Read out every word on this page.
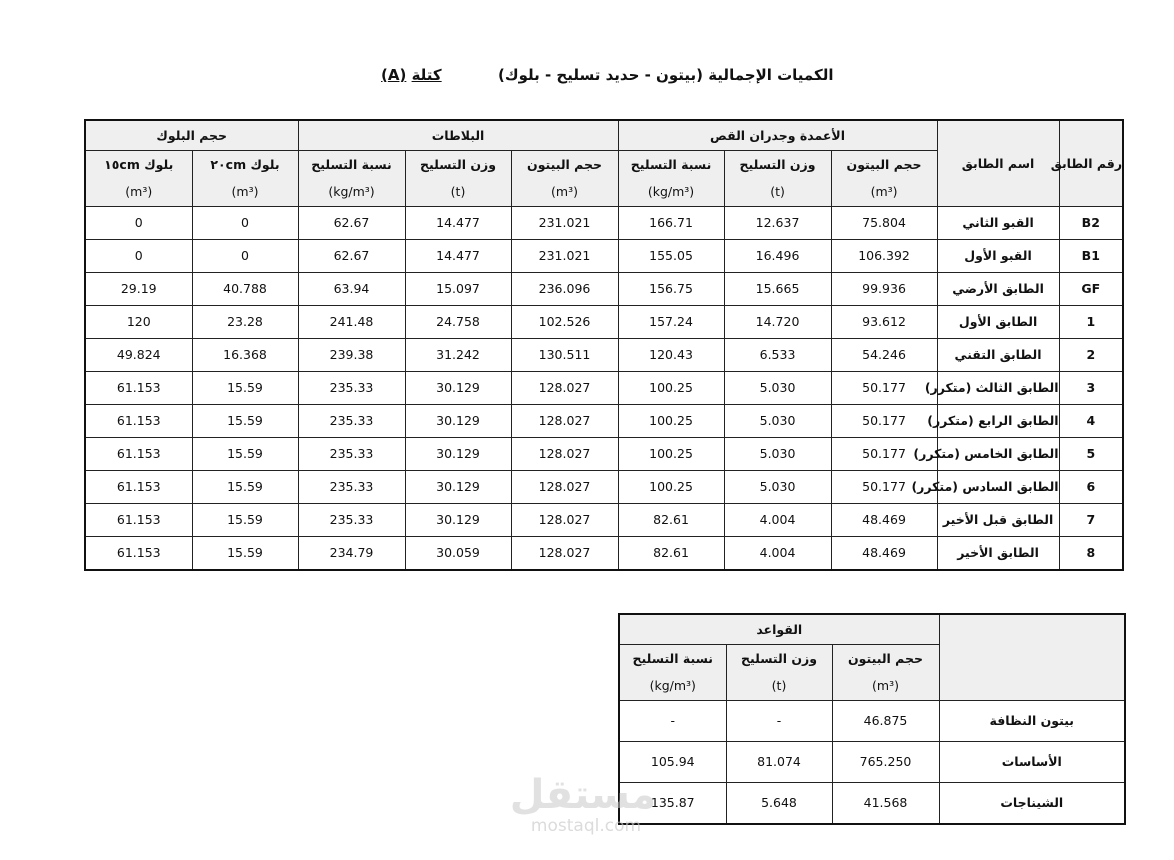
الكميات الإجمالية (بيتون - حديد تسليح - بلوك)
كتلة (A)
حجم البلوك		البلاطات			الأعمدة وجدران القص			اسم الطابق	رقم الطابق
بلوك ١٥cm	بلوك ٢٠cm	نسبة التسليح	وزن التسليح	حجم البيتون	نسبة التسليح	وزن التسليح	حجم البيتون		
(m³)	(m³)	(kg/m³)	(t)	(m³)	(kg/m³)	(t)	(m³)		
0	0	62.67	14.477	231.021	166.71	12.637	75.804	القبو الثاني	B2
0	0	62.67	14.477	231.021	155.05	16.496	106.392	القبو الأول	B1
29.19	40.788	63.94	15.097	236.096	156.75	15.665	99.936	الطابق الأرضي	GF
120	23.28	241.48	24.758	102.526	157.24	14.720	93.612	الطابق الأول	1
49.824	16.368	239.38	31.242	130.511	120.43	6.533	54.246	الطابق التقني	2
61.153	15.59	235.33	30.129	128.027	100.25	5.030	50.177	الطابق الثالث (متكرر)	3
61.153	15.59	235.33	30.129	128.027	100.25	5.030	50.177	الطابق الرابع (متكرر)	4
61.153	15.59	235.33	30.129	128.027	100.25	5.030	50.177	الطابق الخامس (متكرر)	5
61.153	15.59	235.33	30.129	128.027	100.25	5.030	50.177	الطابق السادس (متكرر)	6
61.153	15.59	235.33	30.129	128.027	82.61	4.004	48.469	الطابق قبل الأخير	7
61.153	15.59	234.79	30.059	128.027	82.61	4.004	48.469	الطابق الأخير	8
القواعد			
نسبة التسليح	وزن التسليح	حجم البيتون	
(kg/m³)	(t)	(m³)	
-	-	46.875	بيتون النظافة
105.94	81.074	765.250	الأساسات
135.87	5.648	41.568	الشيناجات
مستقل
mostaql.com
